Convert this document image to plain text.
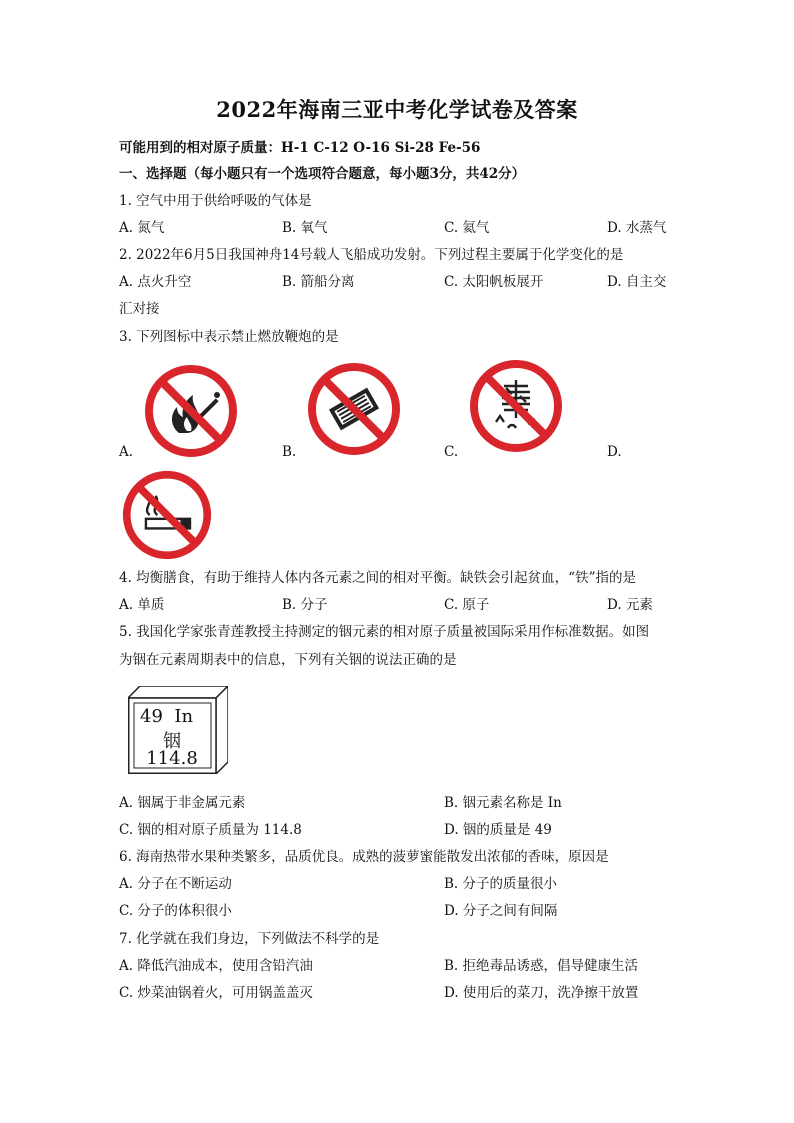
2022年海南三亚中考化学试卷及答案
可能用到的相对原子质量：H-1 C-12 O-16 Si-28 Fe-56
一、选择题（每小题只有一个选项符合题意，每小题3分，共42分）
1. 空气中用于供给呼吸的气体是
A. 氮气	B. 氧气	C. 氦气	D. 水蒸气
2. 2022年6月5日我国神舟14号载人飞船成功发射。下列过程主要属于化学变化的是
A. 点火升空	B. 箭船分离	C. 太阳帆板展开	D. 自主交
汇对接
3. 下列图标中表示禁止燃放鞭炮的是
A.	B.	C.	D.
4. 均衡膳食，有助于维持人体内各元素之间的相对平衡。缺铁会引起贫血，“铁”指的是
A. 单质	B. 分子	C. 原子	D. 元素
5. 我国化学家张青莲教授主持测定的铟元素的相对原子质量被国际采用作标准数据。如图
为铟在元素周期表中的信息，下列有关铟的说法正确的是
49 In
铟
114.8
A. 铟属于非金属元素	B. 铟元素名称是 In
C. 铟的相对原子质量为 114.8	D. 铟的质量是 49
6. 海南热带水果种类繁多，品质优良。成熟的菠萝蜜能散发出浓郁的香味，原因是
A. 分子在不断运动	B. 分子的质量很小
C. 分子的体积很小	D. 分子之间有间隔
7. 化学就在我们身边，下列做法不科学的是
A. 降低汽油成本，使用含铅汽油	B. 拒绝毒品诱惑，倡导健康生活
C. 炒菜油锅着火，可用锅盖盖灭	D. 使用后的菜刀，洗净擦干放置
